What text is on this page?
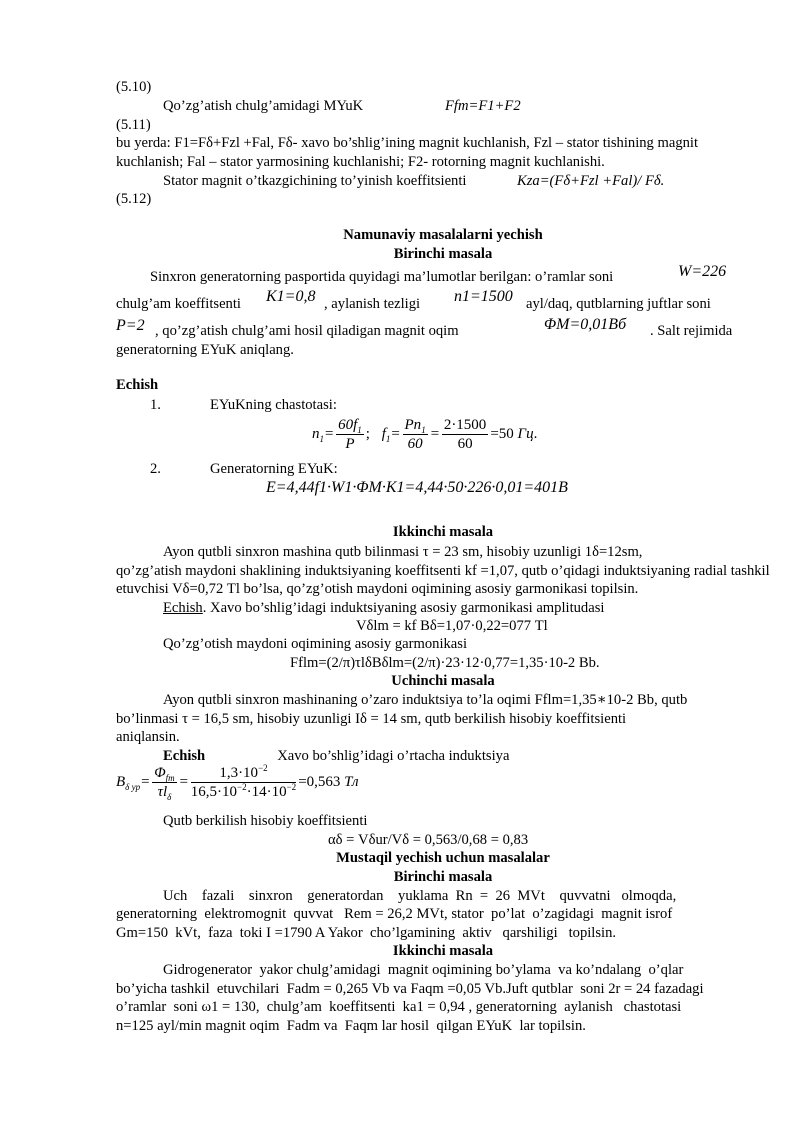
(5.10)
Qo’zg’atish chulg’amidagi MYuK	Ffm=F1+F2
(5.11)
bu yerda: F1=Fδ+Fzl +Fal, Fδ- xavo bo’shlig’ining magnit kuchlanish, Fzl – stator tishining magnit
kuchlanish; Fal – stator yarmosining kuchlanishi; F2- rotorning magnit kuchlanishi.
Stator magnit o’tkazgichining to’yinish koeffitsienti	Kza=(Fδ+Fzl +Fal)/ Fδ.
(5.12)
Namunaviy masalalarni yechish
Birinchi masala
Sinxron generatorning pasportida quyidagi ma’lumotlar berilgan: o’ramlar soni	W=226
chulg’am koeffitsenti K1=0,8 , aylanish tezligi n1=1500 ayl/daq, qutblarning juftlar soni
P=2 , qo’zg’atish chulg’ami hosil qiladigan magnit oqim	ΦM=0,01Вб . Salt rejimida
generatorning EYuK aniqlang.
Echish
1.	EYuKning chastotasi:
$n_1= \frac{60f_1}{P}$ ; $f_1= \frac{Pn_1}{60} = \frac{2\cdot 1500}{60} =50$ Гц.
2.	Generatorning EYuK:
E=4,44f1·W1·ΦM·K1=4,44·50·226·0,01=401B
Ikkinchi masala
Ayon qutbli sinxron mashina qutb bilinmasi τ = 23 sm, hisobiy uzunligi 1δ=12sm,
qo’zg’atish maydoni shaklining induktsiyaning koeffitsenti kf =1,07, qutb o’qidagi induktsiyaning radial tashkil
etuvchisi Vδ=0,72 Tl bo’lsa, qo’zg’otish maydoni oqimining asosiy garmonikasi topilsin.
Echish. Xavo bo’shlig’idagi induktsiyaning asosiy garmonikasi amplitudasi
Vδlm = kf Bδ=1,07·0,22=077 Tl
Qo’zg’otish maydoni oqimining asosiy garmonikasi
Fflm=(2/π)τlδBδlm=(2/π)·23·12·0,77=1,35·10-2 Bb.
Uchinchi masala
Ayon qutbli sinxron mashinaning o’zaro induktsiya to’la oqimi Fflm=1,35∗10-2 Bb, qutb
bo’linmasi τ = 16,5 sm, hisobiy uzunligi Iδ = 14 sm, qutb berkilish hisobiy koeffitsienti
aniqlansin.
Echish	Xavo bo’shlig’idagi o’rtacha induktsiya
$B_{\delta yp}= \frac{\Phi_{fm}}{\tau l_\delta} = \frac{1,3\cdot 10^{-2}}{16,5\cdot 10^{-2}\cdot 14\cdot 10^{-2}} =0,563$ Тл
Qutb berkilish hisobiy koeffitsienti
αδ = Vδur/Vδ = 0,563/0,68 = 0,83
Mustaqil yechish uchun masalalar
Birinchi masala
Uch    fazali    sinxron    generatordan    yuklama  Rn  =  26  MVt    quvvatni   olmoqda,
generatorning  elektromognit  quvvat   Rem = 26,2 MVt, stator  po’lat  o’zagidagi  magnit isrof
Gm=150  kVt,  faza  toki I =1790 A Yakor  cho’lgamining  aktiv   qarshiligi   topilsin.
Ikkinchi masala
Gidrogenerator  yakor chulg’amidagi  magnit oqimining bo’ylama  va ko’ndalang  o’qlar
bo’yicha tashkil  etuvchilari  Fadm = 0,265 Vb va Faqm =0,05 Vb.Juft qutblar  soni 2r = 24 fazadagi
o’ramlar  soni ω1 = 130,  chulg’am  koeffitsenti  ka1 = 0,94 , generatorning  aylanish   chastotasi
n=125 ayl/min magnit oqim  Fadm va  Faqm lar hosil  qilgan EYuK  lar topilsin.
